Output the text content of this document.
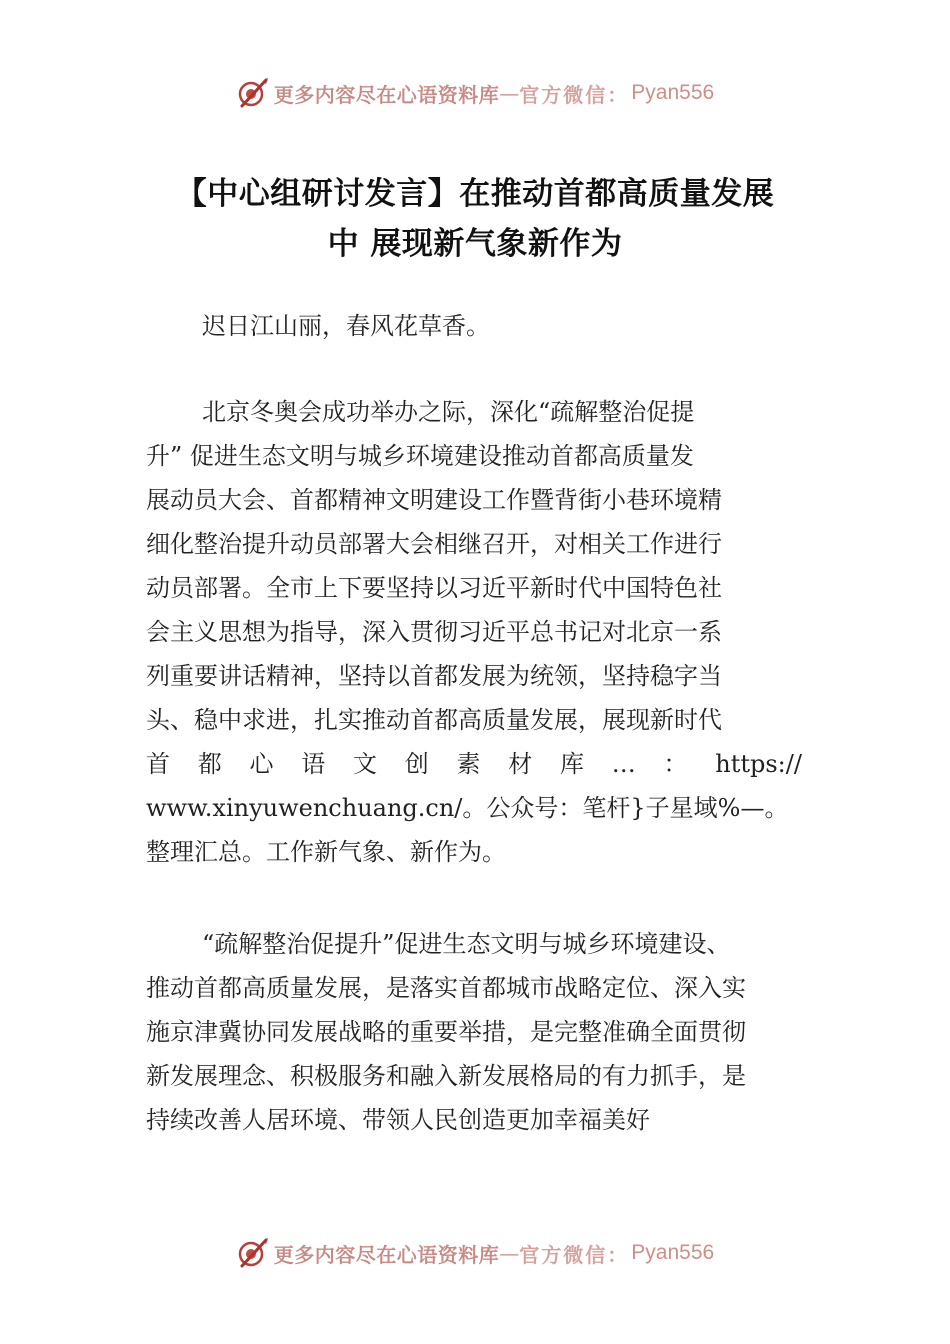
更多内容尽在心语资料库 — 官方微信： Pyan556
【中心组研讨发言】在推动首都高质量发展
中 展现新气象新作为
迟日江山丽，春风花草香。
北京冬奥会成功举办之际，深化“疏解整治促提
升” 促进生态文明与城乡环境建设推动首都高质量发
展动员大会、首都精神文明建设工作暨背街小巷环境精
细化整治提升动员部署大会相继召开，对相关工作进行
动员部署。全市上下要坚持以习近平新时代中国特色社
会主义思想为指导，深入贯彻习近平总书记对北京一系
列重要讲话精神，坚持以首都发展为统领，坚持稳字当
头、稳中求进，扎实推动首都高质量发展，展现新时代
首 都 心 语 文 创 素 材 库 … ： https://
www.xinyuwenchuang.cn/。公众号：笔杆}子星域%—。
整理汇总。工作新气象、新作为。
“疏解整治促提升”促进生态文明与城乡环境建设、
推动首都高质量发展，是落实首都城市战略定位、深入实
施京津冀协同发展战略的重要举措，是完整准确全面贯彻
新发展理念、积极服务和融入新发展格局的有力抓手，是
持续改善人居环境、带领人民创造更加幸福美好
更多内容尽在心语资料库 — 官方微信： Pyan556
